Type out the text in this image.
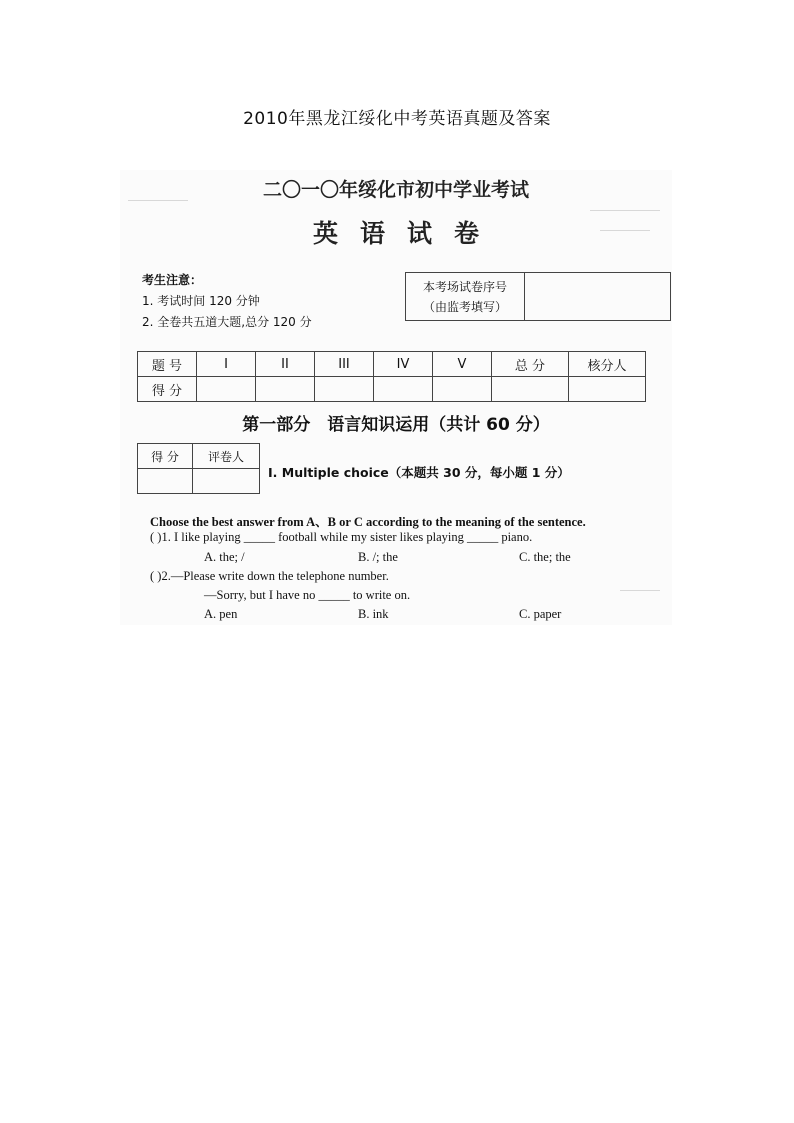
2010年黑龙江绥化中考英语真题及答案
二〇一〇年绥化市初中学业考试
英语试卷
考生注意：
1. 考试时间 120 分钟
2. 全卷共五道大题,总分 120 分
本考场试卷序号
（由监考填写）
题 号	I	II	III	IV	V	总 分	核分人
得 分							
第一部分　语言知识运用（共计 60 分）
得 分	评卷人

I. Multiple choice（本题共 30 分，每小题 1 分）
Choose the best answer from A、B or C according to the meaning of the sentence.
( )1. I like playing _____ football while my sister likes playing _____ piano.
A. the; /	B. /; the	C. the; the
( )2.—Please write down the telephone number.
—Sorry, but I have no _____ to write on.
A. pen	B. ink	C. paper
